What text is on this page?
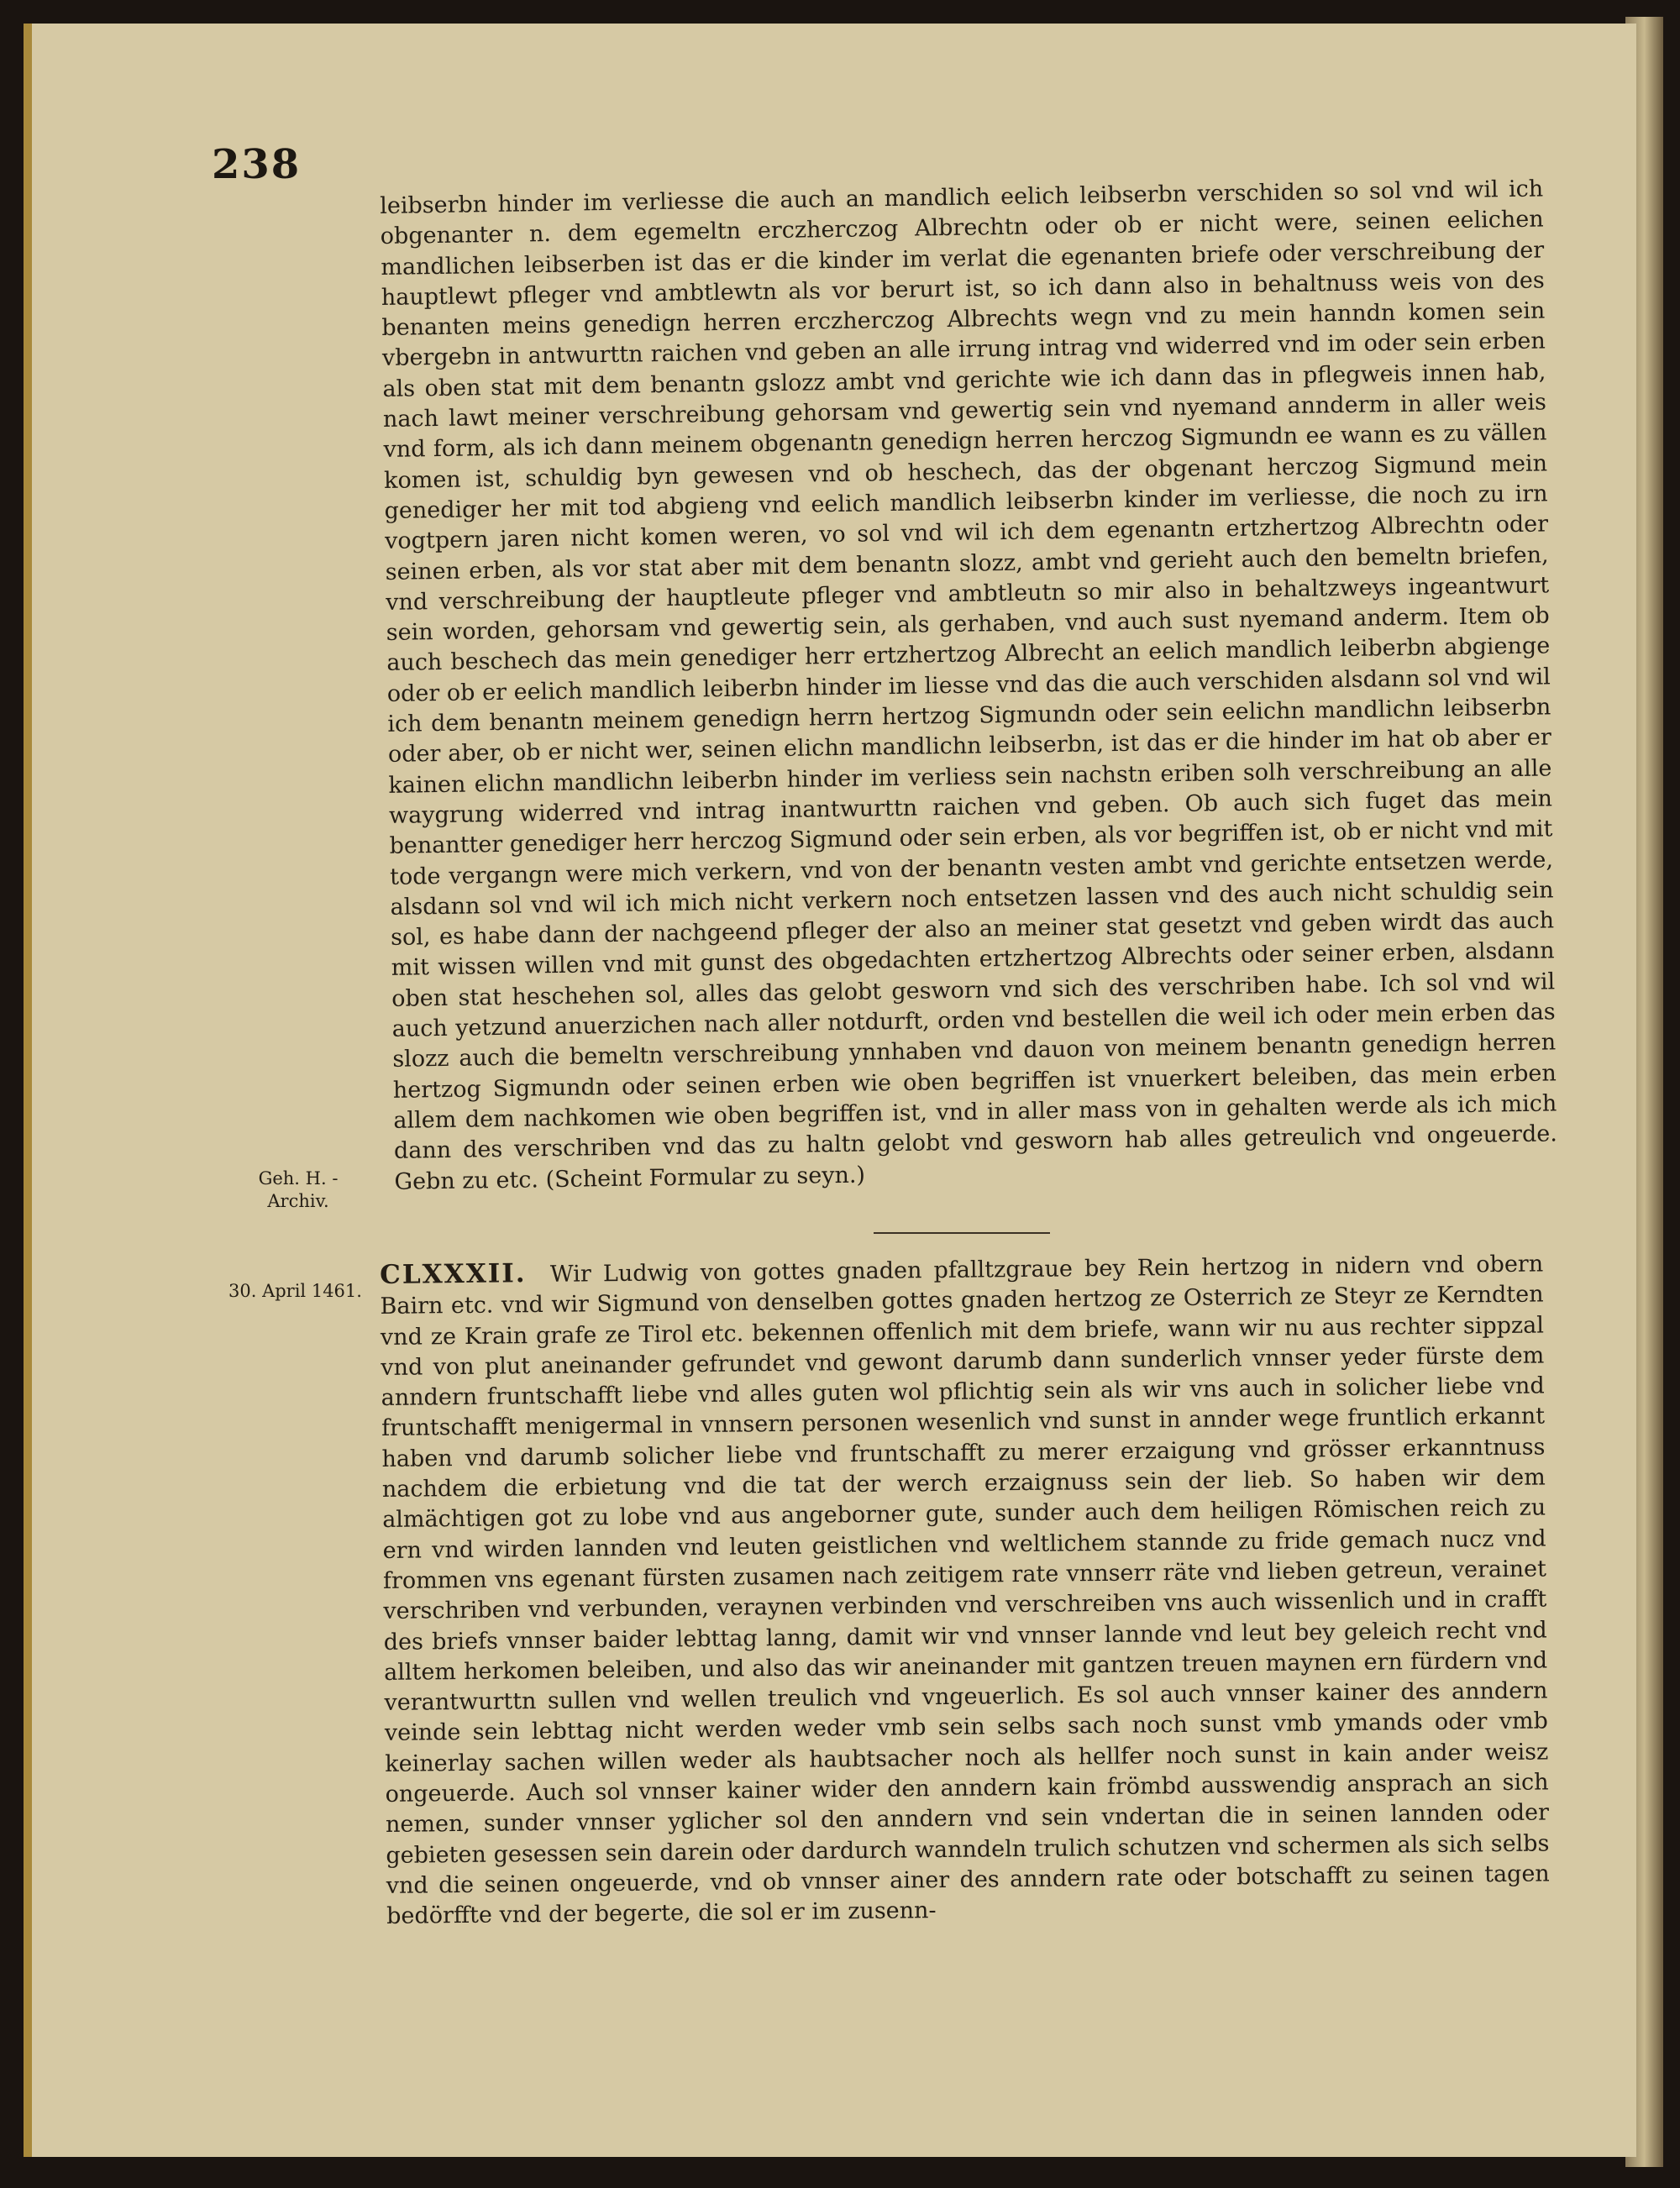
238

leibserbn hinder im verliesse die auch an mandlich eelich leibserbn verschiden so sol vnd wil ich obgenanter n. dem egemeltn erczherczog Albrechtn oder ob er nicht were, seinen eelichen mandlichen leibserben ist das er die kinder im verlat die egenanten briefe oder verschreibung der hauptlewt pfleger vnd ambtlewtn als vor berurt ist, so ich dann also in behaltnuss weis von des benanten meins genedign herren erczherczog Albrechts wegn vnd zu mein hanndn komen sein vbergebn in antwurttn raichen vnd geben an alle irrung intrag vnd widerred vnd im oder sein erben als oben stat mit dem benantn gslozz ambt vnd gerichte wie ich dann das in pflegweis innen hab, nach lawt meiner verschreibung gehorsam vnd gewertig sein vnd nyemand annderm in aller weis vnd form, als ich dann meinem obgenantn genedign herren herczog Sigmundn ee wann es zu vällen komen ist, schuldig byn gewesen vnd ob heschech, das der obgenant herczog Sigmund mein genediger her mit tod abgieng vnd eelich mandlich leibserbn kinder im verliesse, die noch zu irn vogtpern jaren nicht komen weren, vo sol vnd wil ich dem egenantn ertzhertzog Albrechtn oder seinen erben, als vor stat aber mit dem benantn slozz, ambt vnd gerieht auch den bemeltn briefen, vnd verschreibung der hauptleute pfleger vnd ambtleutn so mir also in behaltzweys ingeantwurt sein worden, gehorsam vnd gewertig sein, als gerhaben, vnd auch sust nyemand anderm. Item ob auch beschech das mein genediger herr ertzhertzog Albrecht an eelich mandlich leiberbn abgienge oder ob er eelich mandlich leiberbn hinder im liesse vnd das die auch verschiden alsdann sol vnd wil ich dem benantn meinem genedign herrn hertzog Sigmundn oder sein eelichn mandlichn leibserbn oder aber, ob er nicht wer, seinen elichn mandlichn leibserbn, ist das er die hinder im hat ob aber er kainen elichn mandlichn leiberbn hinder im verliess sein nachstn eriben solh verschreibung an alle waygrung widerred vnd intrag inantwurttn raichen vnd geben. Ob auch sich fuget das mein benantter genediger herr herczog Sigmund oder sein erben, als vor begriffen ist, ob er nicht vnd mit tode vergangn were mich verkern, vnd von der benantn vesten ambt vnd gerichte entsetzen werde, alsdann sol vnd wil ich mich nicht verkern noch entsetzen lassen vnd des auch nicht schuldig sein sol, es habe dann der nachgeend pfleger der also an meiner stat gesetzt vnd geben wirdt das auch mit wissen willen vnd mit gunst des obgedachten ertzhertzog Albrechts oder seiner erben, alsdann oben stat heschehen sol, alles das gelobt gesworn vnd sich des verschriben habe. Ich sol vnd wil auch yetzund anuerzichen nach aller notdurft, orden vnd bestellen die weil ich oder mein erben das slozz auch die bemeltn verschreibung ynnhaben vnd dauon von meinem benantn genedign herren hertzog Sigmundn oder seinen erben wie oben begriffen ist vnuerkert beleiben, das mein erben allem dem nachkomen wie oben begriffen ist, vnd in aller mass von in gehalten werde als ich mich dann des verschriben vnd das zu haltn gelobt vnd gesworn hab alles getreulich vnd ongeuerde. Gebn zu etc. (Scheint Formular zu seyn.)

Geh. H. - Archiv.
30. April 1461.

CLXXXII. Wir Ludwig von gottes gnaden pfalltzgraue bey Rein hertzog in nidern vnd obern Bairn etc. vnd wir Sigmund von denselben gottes gnaden hertzog ze Osterrich ze Steyr ze Kerndten vnd ze Krain grafe ze Tirol etc. bekennen offenlich mit dem briefe, wann wir nu aus rechter sippzal vnd von plut aneinander gefrundet vnd gewont darumb dann sunderlich vnnser yeder fürste dem anndern fruntschafft liebe vnd alles guten wol pflichtig sein als wir vns auch in solicher liebe vnd fruntschafft menigermal in vnnsern personen wesenlich vnd sunst in annder wege fruntlich erkannt haben vnd darumb solicher liebe vnd fruntschafft zu merer erzaigung vnd grösser erkanntnuss nachdem die erbietung vnd die tat der werch erzaignuss sein der lieb. So haben wir dem almächtigen got zu lobe vnd aus angeborner gute, sunder auch dem heiligen Römischen reich zu ern vnd wirden lannden vnd leuten geistlichen vnd weltlichem stannde zu fride gemach nucz vnd frommen vns egenant fürsten zusamen nach zeitigem rate vnnserr räte vnd lieben getreun, verainet verschriben vnd verbunden, veraynen verbinden vnd verschreiben vns auch wissenlich und in crafft des briefs vnnser baider lebttag lanng, damit wir vnd vnnser lannde vnd leut bey geleich recht vnd alltem herkomen beleiben, und also das wir aneinander mit gantzen treuen maynen ern fürdern vnd verantwurttn sullen vnd wellen treulich vnd vngeuerlich. Es sol auch vnnser kainer des anndern veinde sein lebttag nicht werden weder vmb sein selbs sach noch sunst vmb ymands oder vmb keinerlay sachen willen weder als haubtsacher noch als hellfer noch sunst in kain ander weisz ongeuerde. Auch sol vnnser kainer wider den anndern kain frömbd ausswendig ansprach an sich nemen, sunder vnnser yglicher sol den anndern vnd sein vndertan die in seinen lannden oder gebieten gesessen sein darein oder dardurch wanndeln trulich schutzen vnd schermen als sich selbs vnd die seinen ongeuerde, vnd ob vnnser ainer des anndern rate oder botschafft zu seinen tagen bedörffte vnd der begerte, die sol er im zusenn-
